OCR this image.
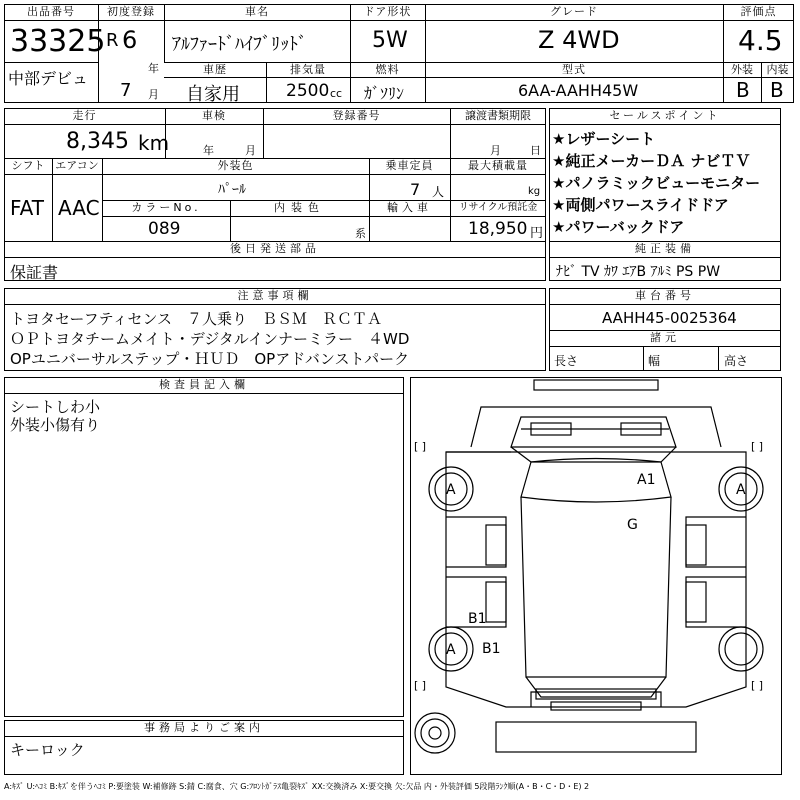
出品番号
33325
中部デビュ
初度登録
R 6
年
7 月
車名
ｱﾙﾌｧｰﾄﾞﾊｲﾌﾞﾘｯﾄﾞ
ドア形状
5W
グレード
Z 4WD
評価点
4.5
外装	内装
B B
車歴
自家用
排気量
2500 cc
燃料
ｶﾞｿﾘﾝ
型式
6AA-AAHH45W
走行
8,345 km
車検
年	月
登録番号	譲渡書類期限
月	日
シフト
FAT
エアコン
AAC
外装色
ﾊﾟｰﾙ
乗車定員
7 人
最大積載量
kg
カラーNo.
089
内装色
系
輸入車	リサイクル預託金
18,950 円
後日発送部品
保証書
セールスポイント
★レザーシート
★純正メーカーＤＡ ナビＴＶ
★パノラミックビューモニター
★両側パワースライドドア
★パワーバックドア
純正装備
ﾅﾋﾞ TV ｶﾜ ｴｱB ｱﾙﾐ PS PW
注意事項欄
トヨタセーフティセンス　７人乗り　ＢＳＭ　ＲＣＴＡ
ＯＰトヨタチームメイト・デジタルインナーミラー　４WD
OPユニバーサルステップ・ＨＵＤ　OPアドバンストパーク
車台番号
AAHH45-0025364
諸元
長さ	幅	高さ
検査員記入欄
シートしわ小
外装小傷有り
事務局よりご案内
キーロック
A	A
A
A1
G
B1
B1
[ ]	[ ]
[ ]	[ ]
A:ｷｽﾞ U:ﾍｺﾐ B:ｷｽﾞを伴うﾍｺﾐ P:要塗装 W:補修跡 S:錆 C:腐食、穴 G:ﾌﾛﾝﾄｶﾞﾗｽ亀裂ｷｽﾞ XX:交換済み X:要交換 欠:欠品 内・外装評価 5段階ﾗﾝｸ順(A・B・C・D・E) 2
